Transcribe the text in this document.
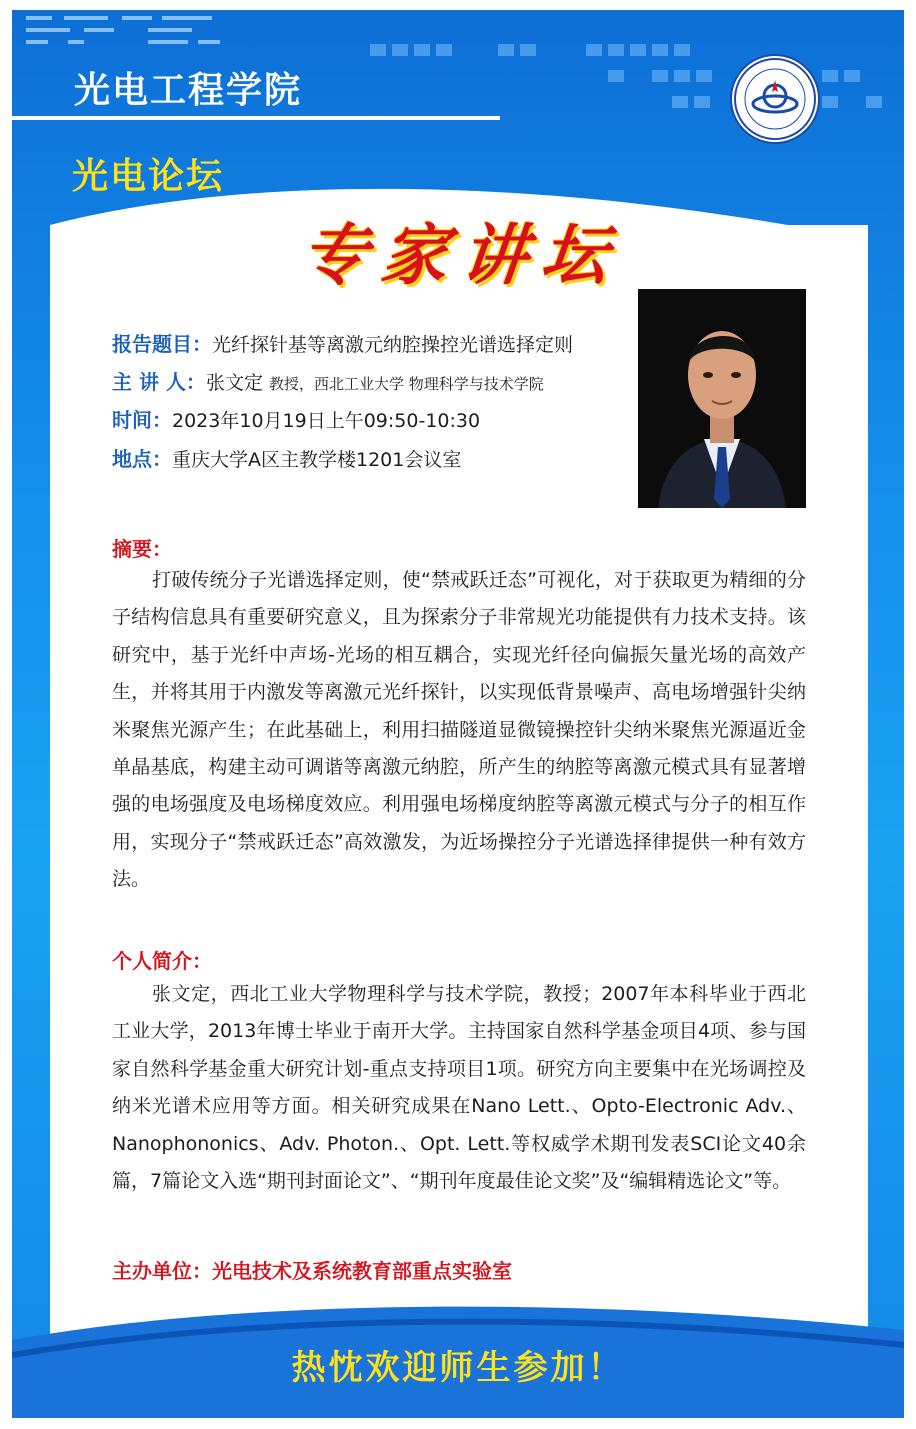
光电工程学院
光电论坛
专家讲坛
报告题目：光纤探针基等离激元纳腔操控光谱选择定则
主 讲 人：张文定 教授，西北工业大学 物理科学与技术学院
时间：2023年10月19日上午09:50-10:30
地点：重庆大学A区主教学楼1201会议室
摘要：

打破传统分子光谱选择定则，使“禁戒跃迁态”可视化，对于获取更为精细的分子结构信息具有重要研究意义，且为探索分子非常规光功能提供有力技术支持。该研究中，基于光纤中声场-光场的相互耦合，实现光纤径向偏振矢量光场的高效产生，并将其用于内激发等离激元光纤探针，以实现低背景噪声、高电场增强针尖纳米聚焦光源产生；在此基础上，利用扫描隧道显微镜操控针尖纳米聚焦光源逼近金单晶基底，构建主动可调谐等离激元纳腔，所产生的纳腔等离激元模式具有显著增强的电场强度及电场梯度效应。利用强电场梯度纳腔等离激元模式与分子的相互作用，实现分子“禁戒跃迁态”高效激发，为近场操控分子光谱选择律提供一种有效方法。

个人简介：

张文定，西北工业大学物理科学与技术学院，教授；2007年本科毕业于西北工业大学，2013年博士毕业于南开大学。主持国家自然科学基金项目4项、参与国家自然科学基金重大研究计划-重点支持项目1项。研究方向主要集中在光场调控及纳米光谱术应用等方面。相关研究成果在Nano Lett.、Opto-Electronic Adv.、Nanophononics、Adv. Photon.、Opt. Lett.等权威学术期刊发表SCI论文40余篇，7篇论文入选“期刊封面论文”、“期刊年度最佳论文奖”及“编辑精选论文”等。

主办单位：光电技术及系统教育部重点实验室
热忱欢迎师生参加！
